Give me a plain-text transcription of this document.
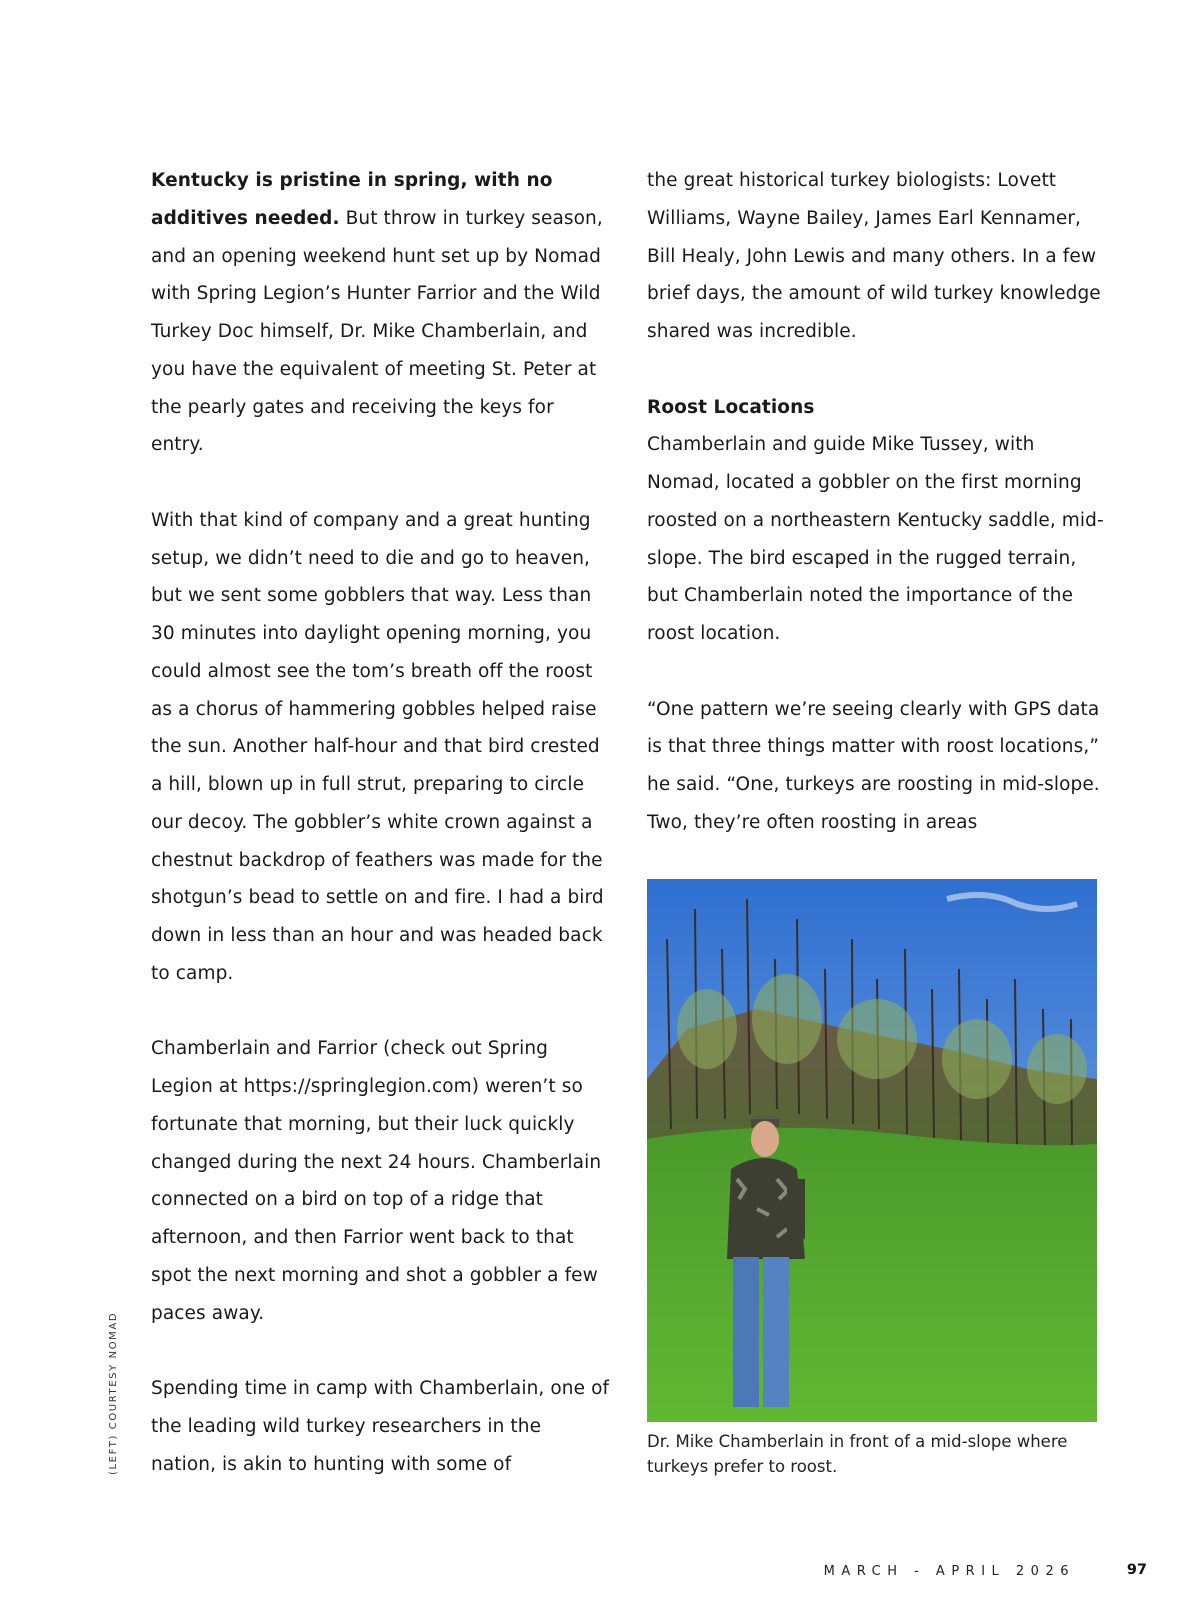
Kentucky is pristine in spring, with no additives needed. But throw in turkey season, and an opening weekend hunt set up by Nomad with Spring Legion’s Hunter Farrior and the Wild Turkey Doc himself, Dr. Mike Chamberlain, and you have the equivalent of meeting St. Peter at the pearly gates and receiving the keys for entry.

With that kind of company and a great hunting setup, we didn’t need to die and go to heaven, but we sent some gobblers that way. Less than 30 minutes into daylight opening morning, you could almost see the tom’s breath off the roost as a chorus of hammering gobbles helped raise the sun. Another half-hour and that bird crested a hill, blown up in full strut, preparing to circle our decoy. The gobbler’s white crown against a chestnut backdrop of feathers was made for the shotgun’s bead to settle on and fire. I had a bird down in less than an hour and was headed back to camp.

Chamberlain and Farrior (check out Spring Legion at https://springlegion.com) weren’t so fortunate that morning, but their luck quickly changed during the next 24 hours. Chamberlain connected on a bird on top of a ridge that afternoon, and then Farrior went back to that spot the next morning and shot a gobbler a few paces away.

Spending time in camp with Chamberlain, one of the leading wild turkey researchers in the nation, is akin to hunting with some of

the great historical turkey biologists: Lovett Williams, Wayne Bailey, James Earl Kennamer, Bill Healy, John Lewis and many others. In a few brief days, the amount of wild turkey knowledge shared was incredible.

Roost Locations

Chamberlain and guide Mike Tussey, with Nomad, located a gobbler on the first morning roosted on a northeastern Kentucky saddle, mid-slope. The bird escaped in the rugged terrain, but Chamberlain noted the importance of the roost location.

“One pattern we’re seeing clearly with GPS data is that three things matter with roost locations,” he said. “One, turkeys are roosting in mid-slope. Two, they’re often roosting in areas

Dr. Mike Chamberlain in front of a mid-slope where turkeys prefer to roost.
(LEFT) COURTESY NOMAD
MARCH - APRIL 2026	97
